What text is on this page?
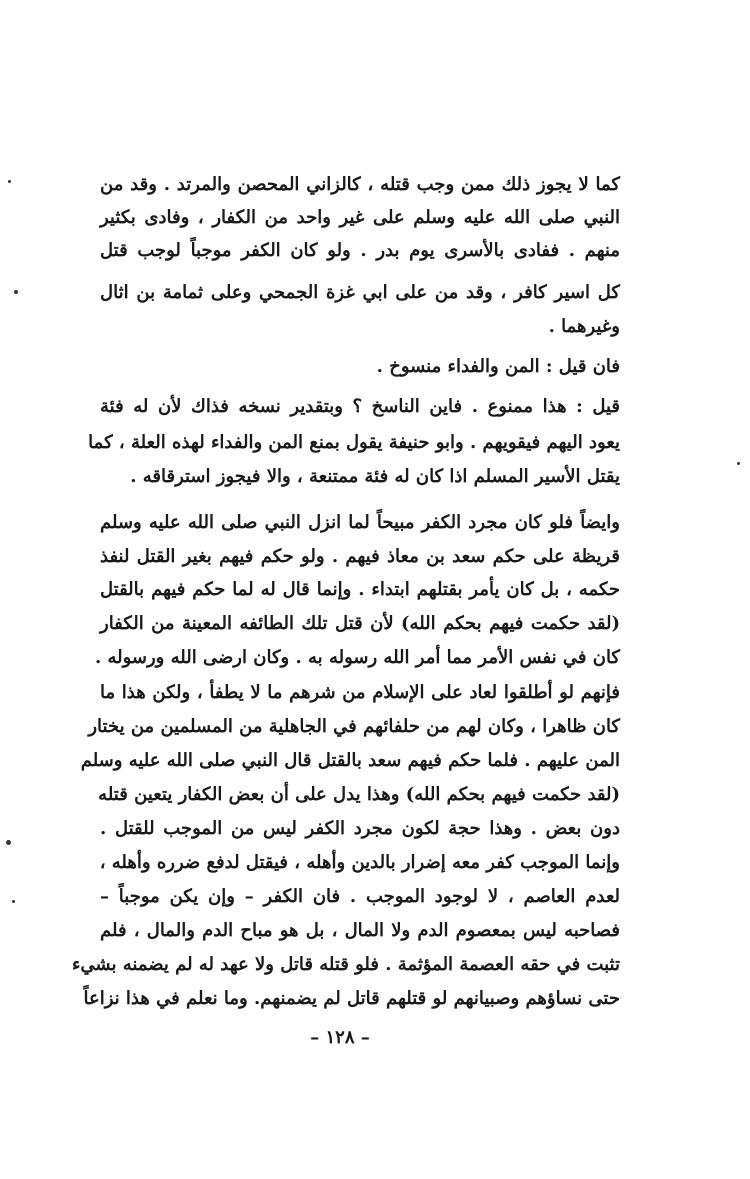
كما لا يجوز ذلك ممن وجب قتله ، كالزاني المحصن والمرتد . وقد من
النبي صلى الله عليه وسلم على غير واحد من الكفار ، وفادى بكثير
منهم . ففادى بالأسرى يوم بدر . ولو كان الكفر موجباً لوجب قتل
كل اسير كافر ، وقد من على ابي غزة الجمحي وعلى ثمامة بن اثال
وغيرهما .
فان قيل : المن والفداء منسوخ .
قيل : هذا ممنوع . فاين الناسخ ؟ وبتقدير نسخه فذاك لأن له فئة
يعود اليهم فيقويهم . وابو حنيفة يقول بمنع المن والفداء لهذه العلة ، كما
يقتل الأسير المسلم اذا كان له فئة ممتنعة ، والا فيجوز استرقاقه .
وايضاً فلو كان مجرد الكفر مبيحاً لما انزل النبي صلى الله عليه وسلم
قريظة على حكم سعد بن معاذ فيهم . ولو حكم فيهم بغير القتل لنفذ
حكمه ، بل كان يأمر بقتلهم ابتداء . وإنما قال له لما حكم فيهم بالقتل
(لقد حكمت فيهم بحكم الله) لأن قتل تلك الطائفه المعينة من الكفار
كان في نفس الأمر مما أمر الله رسوله به . وكان ارضى الله ورسوله .
فإنهم لو أطلقوا لعاد على الإسلام من شرهم ما لا يطفأ ، ولكن هذا ما
كان ظاهرا ، وكان لهم من حلفائهم في الجاهلية من المسلمين من يختار
المن عليهم . فلما حكم فيهم سعد بالقتل قال النبي صلى الله عليه وسلم
(لقد حكمت فيهم بحكم الله) وهذا يدل على أن بعض الكفار يتعين قتله
دون بعض . وهذا حجة لكون مجرد الكفر ليس من الموجب للقتل .
وإنما الموجب كفر معه إضرار بالدين وأهله ، فيقتل لدفع ضرره وأهله ،
لعدم العاصم ، لا لوجود الموجب . فان الكفر – وإن يكن موجباً –
فصاحبه ليس بمعصوم الدم ولا المال ، بل هو مباح الدم والمال ، فلم
تثبت في حقه العصمة المؤثمة . فلو قتله قاتل ولا عهد له لم يضمنه بشيء
حتى نساؤهم وصبيانهم لو قتلهم قاتل لم يضمنهم. وما نعلم في هذا نزاعاً
– ١٢٨ –
